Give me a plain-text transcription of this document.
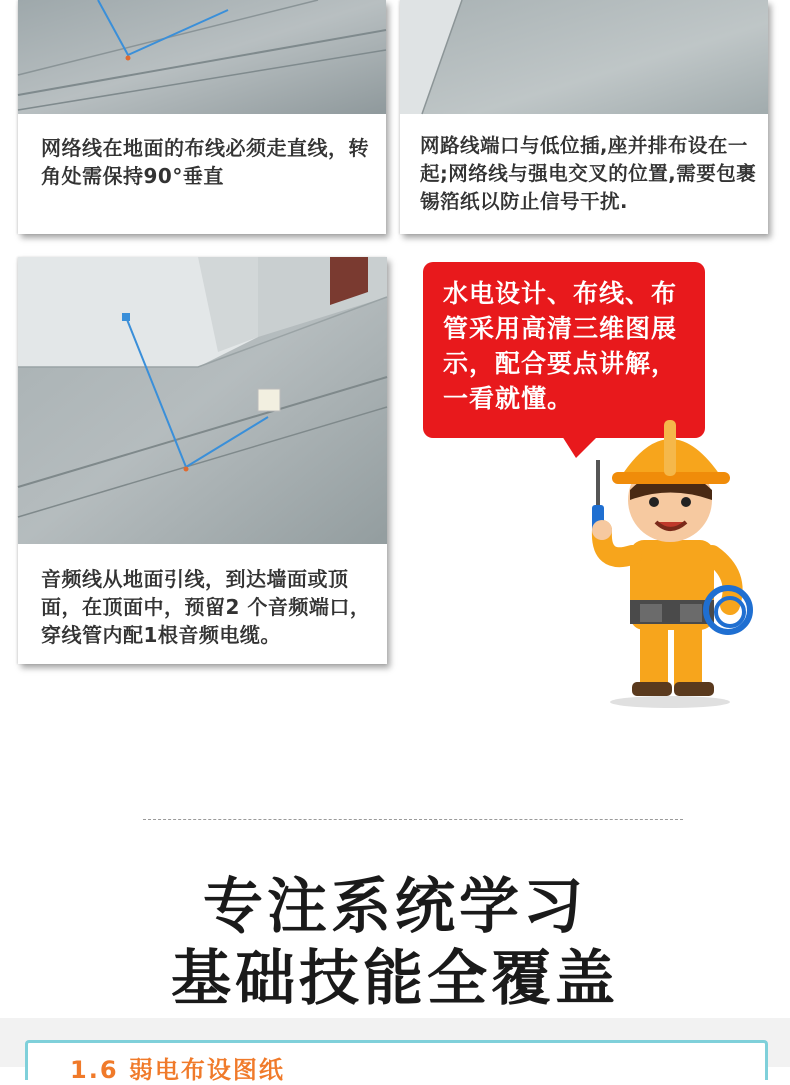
网络线在地面的布线必须走直线，转角处需保持90°垂直
网路线端口与低位插,座并排布设在一起;网络线与强电交叉的位置,需要包裹锡箔纸以防止信号干扰.
音频线从地面引线，到达墙面或顶面，在顶面中，预留2 个音频端口，穿线管内配1根音频电缆。
水电设计、布线、布管采用高清三维图展示，配合要点讲解，一看就懂。
专注系统学习
基础技能全覆盖
1.6 弱电布设图纸
